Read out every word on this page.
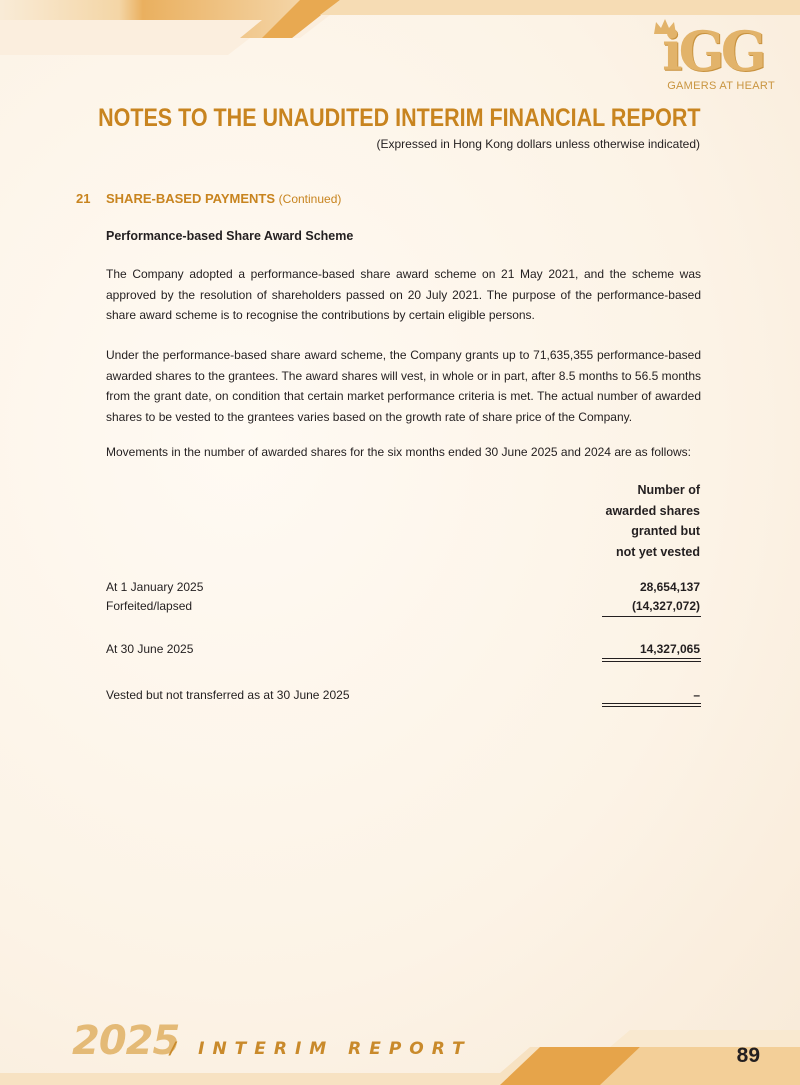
iGG
GAMERS AT HEART
NOTES TO THE UNAUDITED INTERIM FINANCIAL REPORT
(Expressed in Hong Kong dollars unless otherwise indicated)
21 SHARE-BASED PAYMENTS (Continued)
Performance-based Share Award Scheme
The Company adopted a performance-based share award scheme on 21 May 2021, and the scheme was approved by the resolution of shareholders passed on 20 July 2021. The purpose of the performance-based share award scheme is to recognise the contributions by certain eligible persons.
Under the performance-based share award scheme, the Company grants up to 71,635,355 performance-based awarded shares to the grantees. The award shares will vest, in whole or in part, after 8.5 months to 56.5 months from the grant date, on condition that certain market performance criteria is met. The actual number of awarded shares to be vested to the grantees varies based on the growth rate of share price of the Company.
Movements in the number of awarded shares for the six months ended 30 June 2025 and 2024 are as follows:
Number of
awarded shares
granted but
not yet vested
At 1 January 2025	28,654,137
Forfeited/lapsed	(14,327,072)
At 30 June 2025	14,327,065
Vested but not transferred as at 30 June 2025	–
2025
/ INTERIM REPORT	89
